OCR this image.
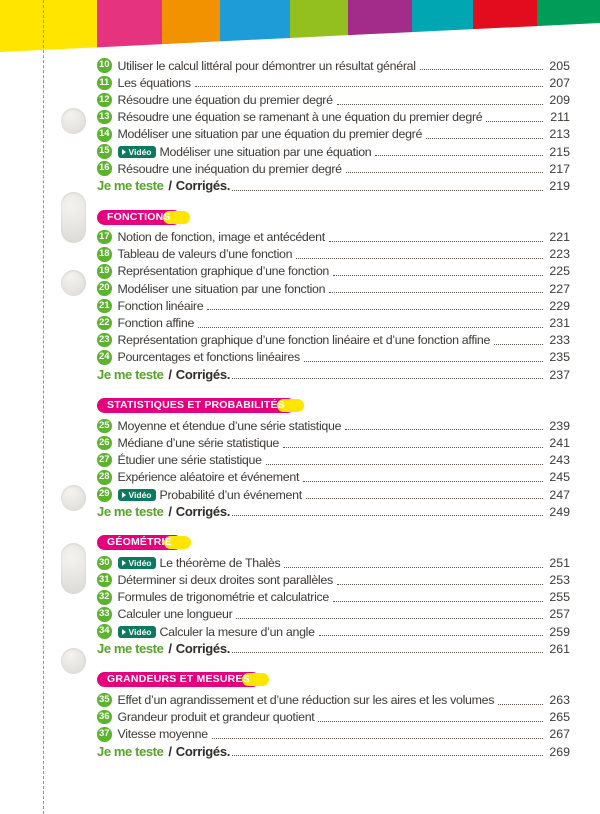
10 Utiliser le calcul littéral pour démontrer un résultat général	205
11 Les équations	207
12 Résoudre une équation du premier degré	209
13 Résoudre une équation se ramenant à une équation du premier degré	211
14 Modéliser une situation par une équation du premier degré	213
15 Vidéo Modéliser une situation par une équation	215
16 Résoudre une inéquation du premier degré	217
Je me teste / Corrigés.	219
FONCTIONS
17 Notion de fonction, image et antécédent	221
18 Tableau de valeurs d’une fonction	223
19 Représentation graphique d’une fonction	225
20 Modéliser une situation par une fonction	227
21 Fonction linéaire	229
22 Fonction affine	231
23 Représentation graphique d’une fonction linéaire et d’une fonction affine	233
24 Pourcentages et fonctions linéaires	235
Je me teste / Corrigés.	237
STATISTIQUES ET PROBABILITÉS
25 Moyenne et étendue d’une série statistique	239
26 Médiane d’une série statistique	241
27 Étudier une série statistique	243
28 Expérience aléatoire et événement	245
29 Vidéo Probabilité d’un événement	247
Je me teste / Corrigés.	249
GÉOMÉTRIE
30 Vidéo Le théorème de Thalès	251
31 Déterminer si deux droites sont parallèles	253
32 Formules de trigonométrie et calculatrice	255
33 Calculer une longueur	257
34 Vidéo Calculer la mesure d’un angle	259
Je me teste / Corrigés.	261
GRANDEURS ET MESURES
35 Effet d’un agrandissement et d’une réduction sur les aires et les volumes	263
36 Grandeur produit et grandeur quotient	265
37 Vitesse moyenne	267
Je me teste / Corrigés.	269
